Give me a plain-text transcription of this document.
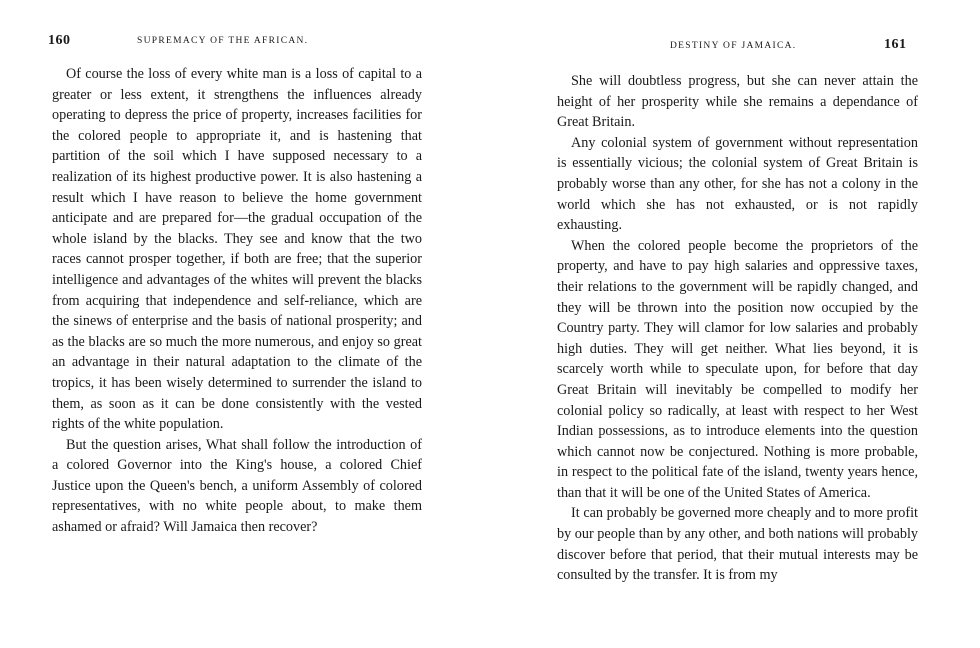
160	SUPREMACY OF THE AFRICAN.

Of course the loss of every white man is a loss of capital to a greater or less extent, it strengthens the influences already operating to depress the price of property, increases facilities for the colored people to appropriate it, and is hastening that partition of the soil which I have supposed necessary to a realization of its highest productive power. It is also hastening a result which I have reason to believe the home government anticipate and are prepared for—the gradual occupation of the whole island by the blacks. They see and know that the two races cannot prosper together, if both are free; that the superior intelligence and advantages of the whites will prevent the blacks from acquiring that independence and self-reliance, which are the sinews of enterprise and the basis of national prosperity; and as the blacks are so much the more numerous, and enjoy so great an advantage in their natural adaptation to the climate of the tropics, it has been wisely determined to surrender the island to them, as soon as it can be done consistently with the vested rights of the white population.

But the question arises, What shall follow the introduction of a colored Governor into the King's house, a colored Chief Justice upon the Queen's bench, a uniform Assembly of colored representatives, with no white people about, to make them ashamed or afraid? Will Jamaica then recover?

DESTINY OF JAMAICA.	161

She will doubtless progress, but she can never attain the height of her prosperity while she remains a dependance of Great Britain.

Any colonial system of government without representation is essentially vicious; the colonial system of Great Britain is probably worse than any other, for she has not a colony in the world which she has not exhausted, or is not rapidly exhausting.

When the colored people become the proprietors of the property, and have to pay high salaries and oppressive taxes, their relations to the government will be rapidly changed, and they will be thrown into the position now occupied by the Country party. They will clamor for low salaries and probably high duties. They will get neither. What lies beyond, it is scarcely worth while to speculate upon, for before that day Great Britain will inevitably be compelled to modify her colonial policy so radically, at least with respect to her West Indian possessions, as to introduce elements into the question which cannot now be conjectured. Nothing is more probable, in respect to the political fate of the island, twenty years hence, than that it will be one of the United States of America.

It can probably be governed more cheaply and to more profit by our people than by any other, and both nations will probably discover before that period, that their mutual interests may be consulted by the transfer. It is from my
